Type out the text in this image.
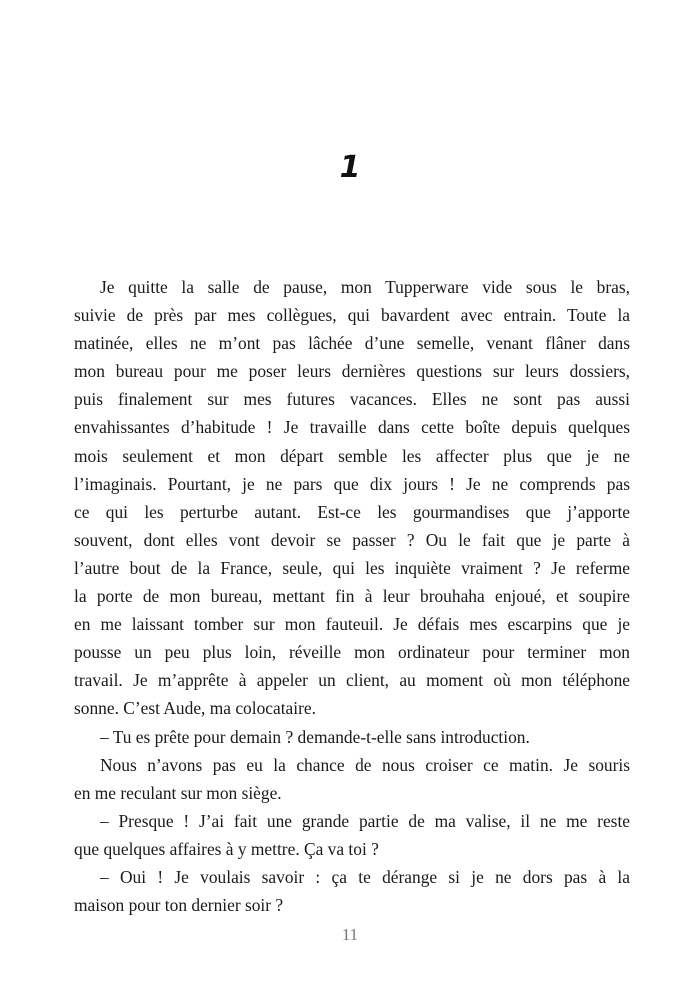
1
Je quitte la salle de pause, mon Tupperware vide sous le bras,
suivie de près par mes collègues, qui bavardent avec entrain. Toute la
matinée, elles ne m’ont pas lâchée d’une semelle, venant flâner dans
mon bureau pour me poser leurs dernières questions sur leurs dossiers,
puis finalement sur mes futures vacances. Elles ne sont pas aussi
envahissantes d’habitude ! Je travaille dans cette boîte depuis quelques
mois seulement et mon départ semble les affecter plus que je ne
l’imaginais. Pourtant, je ne pars que dix jours ! Je ne comprends pas
ce qui les perturbe autant. Est-ce les gourmandises que j’apporte
souvent, dont elles vont devoir se passer ? Ou le fait que je parte à
l’autre bout de la France, seule, qui les inquiète vraiment ? Je referme
la porte de mon bureau, mettant fin à leur brouhaha enjoué, et soupire
en me laissant tomber sur mon fauteuil. Je défais mes escarpins que je
pousse un peu plus loin, réveille mon ordinateur pour terminer mon
travail. Je m’apprête à appeler un client, au moment où mon téléphone
sonne. C’est Aude, ma colocataire.
– Tu es prête pour demain ? demande-t-elle sans introduction.
Nous n’avons pas eu la chance de nous croiser ce matin. Je souris
en me reculant sur mon siège.
– Presque ! J’ai fait une grande partie de ma valise, il ne me reste
que quelques affaires à y mettre. Ça va toi ?
– Oui ! Je voulais savoir : ça te dérange si je ne dors pas à la
maison pour ton dernier soir ?
11
